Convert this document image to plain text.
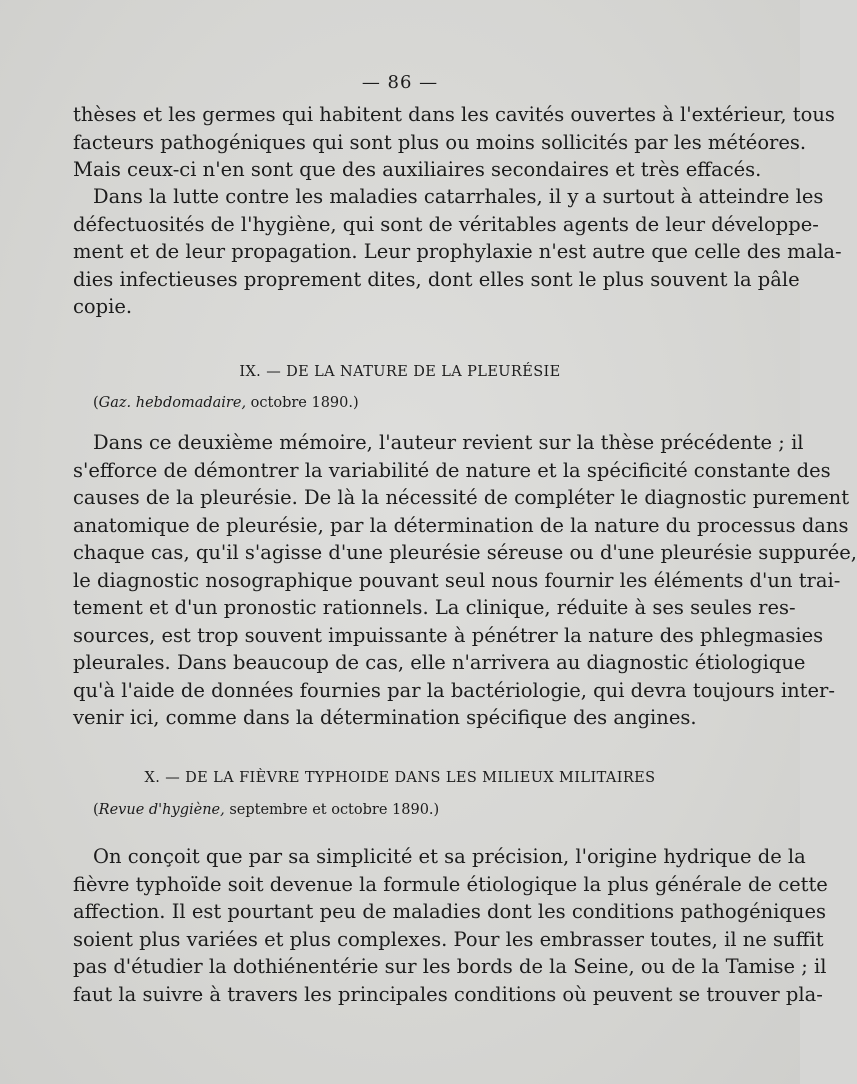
— 86 —
thèses et les germes qui habitent dans les cavités ouvertes à l'extérieur, tous
facteurs pathogéniques qui sont plus ou moins sollicités par les météores.
Mais ceux-ci n'en sont que des auxiliaires secondaires et très effacés.
Dans la lutte contre les maladies catarrhales, il y a surtout à atteindre les
défectuosités de l'hygiène, qui sont de véritables agents de leur développe-
ment et de leur propagation. Leur prophylaxie n'est autre que celle des mala-
dies infectieuses proprement dites, dont elles sont le plus souvent la pâle
copie.
IX. — DE LA NATURE DE LA PLEURÉSIE
(Gaz. hebdomadaire, octobre 1890.)
Dans ce deuxième mémoire, l'auteur revient sur la thèse précédente ; il
s'efforce de démontrer la variabilité de nature et la spécificité constante des
causes de la pleurésie. De là la nécessité de compléter le diagnostic purement
anatomique de pleurésie, par la détermination de la nature du processus dans
chaque cas, qu'il s'agisse d'une pleurésie séreuse ou d'une pleurésie suppurée,
le diagnostic nosographique pouvant seul nous fournir les éléments d'un trai-
tement et d'un pronostic rationnels. La clinique, réduite à ses seules res-
sources, est trop souvent impuissante à pénétrer la nature des phlegmasies
pleurales. Dans beaucoup de cas, elle n'arrivera au diagnostic étiologique
qu'à l'aide de données fournies par la bactériologie, qui devra toujours inter-
venir ici, comme dans la détermination spécifique des angines.
X. — DE LA FIÈVRE TYPHOIDE DANS LES MILIEUX MILITAIRES
(Revue d'hygiène, septembre et octobre 1890.)
On conçoit que par sa simplicité et sa précision, l'origine hydrique de la
fièvre typhoïde soit devenue la formule étiologique la plus générale de cette
affection. Il est pourtant peu de maladies dont les conditions pathogéniques
soient plus variées et plus complexes. Pour les embrasser toutes, il ne suffit
pas d'étudier la dothiénentérie sur les bords de la Seine, ou de la Tamise ; il
faut la suivre à travers les principales conditions où peuvent se trouver pla-
